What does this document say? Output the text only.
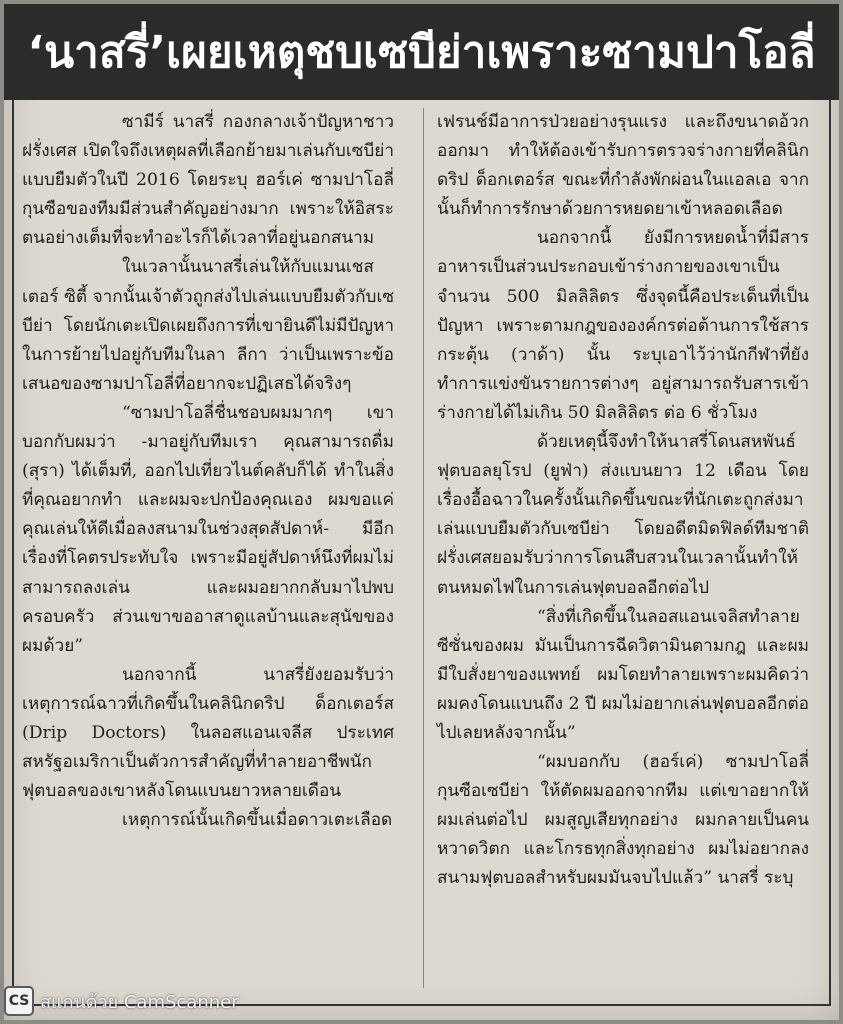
‘นาสรี่’เผยเหตุชบเซบีย่าเพราะซามปาโอลี่

ซามีร์ นาสรี่ กองกลางเจ้าปัญหาชาวฝรั่งเศส เปิดใจถึงเหตุผลที่เลือกย้ายมาเล่นกับเซบีย่าแบบยืมตัวในปี 2016 โดยระบุ ฮอร์เค่ ซามปาโอลี่ กุนซือของทีมมีส่วนสำคัญอย่างมาก เพราะให้อิสระตนอย่างเต็มที่จะทำอะไรก็ได้เวลาที่อยู่นอกสนาม

ในเวลานั้นนาสรี่เล่นให้กับแมนเชสเตอร์ ซิตี้ จากนั้นเจ้าตัวถูกส่งไปเล่นแบบยืมตัวกับเซบีย่า โดยนักเตะเปิดเผยถึงการที่เขายินดีไม่มีปัญหาในการย้ายไปอยู่กับทีมในลา ลีกา ว่าเป็นเพราะข้อเสนอของซามปาโอลี่ที่อยากจะปฏิเสธได้จริงๆ

“ซามปาโอลี่ชื่นชอบผมมากๆ เขาบอกกับผมว่า -มาอยู่กับทีมเรา คุณสามารถดื่ม (สุรา) ได้เต็มที่, ออกไปเที่ยวไนต์คลับก็ได้ ทำในสิ่งที่คุณอยากทำ และผมจะปกป้องคุณเอง ผมขอแค่คุณเล่นให้ดีเมื่อลงสนามในช่วงสุดสัปดาห์- มีอีกเรื่องที่โคตรประทับใจ เพราะมีอยู่สัปดาห์นึงที่ผมไม่สามารถลงเล่น และผมอยากกลับมาไปพบครอบครัว ส่วนเขาขออาสาดูแลบ้านและสุนัขของผมด้วย”

นอกจากนี้ นาสรี่ยังยอมรับว่าเหตุการณ์ฉาวที่เกิดขึ้นในคลินิกดริป ด็อกเตอร์ส (Drip Doctors) ในลอสแอนเจลีส ประเทศสหรัฐอเมริกาเป็นตัวการสำคัญที่ทำลายอาชีพนักฟุตบอลของเขาหลังโดนแบนยาวหลายเดือน

เหตุการณ์นั้นเกิดขึ้นเมื่อดาวเตะเลือด

เฟรนช์มีอาการป่วยอย่างรุนแรง และถึงขนาดอ้วกออกมา ทำให้ต้องเข้ารับการตรวจร่างกายที่คลินิกดริป ด็อกเตอร์ส ขณะที่กำลังพักผ่อนในแอลเอ จากนั้นก็ทำการรักษาด้วยการหยดยาเข้าหลอดเลือด

นอกจากนี้ ยังมีการหยดน้ำที่มีสารอาหารเป็นส่วนประกอบเข้าร่างกายของเขาเป็นจำนวน 500 มิลลิลิตร ซึ่งจุดนี้คือประเด็นที่เป็นปัญหา เพราะตามกฎขององค์กรต่อต้านการใช้สารกระตุ้น (วาด้า) นั้น ระบุเอาไว้ว่านักกีฬาที่ยังทำการแข่งขันรายการต่างๆ อยู่สามารถรับสารเข้าร่างกายได้ไม่เกิน 50 มิลลิลิตร ต่อ 6 ชั่วโมง

ด้วยเหตุนี้จึงทำให้นาสรี่โดนสหพันธ์ฟุตบอลยุโรป (ยูฟ่า) ส่งแบนยาว 12 เดือน โดยเรื่องอื้อฉาวในครั้งนั้นเกิดขึ้นขณะที่นักเตะถูกส่งมาเล่นแบบยืมตัวกับเซบีย่า โดยอดีตมิดฟิลด์ทีมชาติฝรั่งเศสยอมรับว่าการโดนสืบสวนในเวลานั้นทำให้ตนหมดไฟในการเล่นฟุตบอลอีกต่อไป

“สิ่งที่เกิดขึ้นในลอสแอนเจลิสทำลายซีซั่นของผม มันเป็นการฉีดวิตามินตามกฎ และผมมีใบสั่งยาของแพทย์ ผมโดยทำลายเพราะผมคิดว่าผมคงโดนแบนถึง 2 ปี ผมไม่อยากเล่นฟุตบอลอีกต่อไปเลยหลังจากนั้น”

“ผมบอกกับ (ฮอร์เค่) ซามปาโอลี่ กุนซือเซบีย่า ให้ตัดผมออกจากทีม แต่เขาอยากให้ผมเล่นต่อไป ผมสูญเสียทุกอย่าง ผมกลายเป็นคนหวาดวิตก และโกรธทุกสิ่งทุกอย่าง ผมไม่อยากลงสนามฟุตบอลสำหรับผมมันจบไปแล้ว” นาสรี่ ระบุ

CS สแกนด้วย CamScanner
